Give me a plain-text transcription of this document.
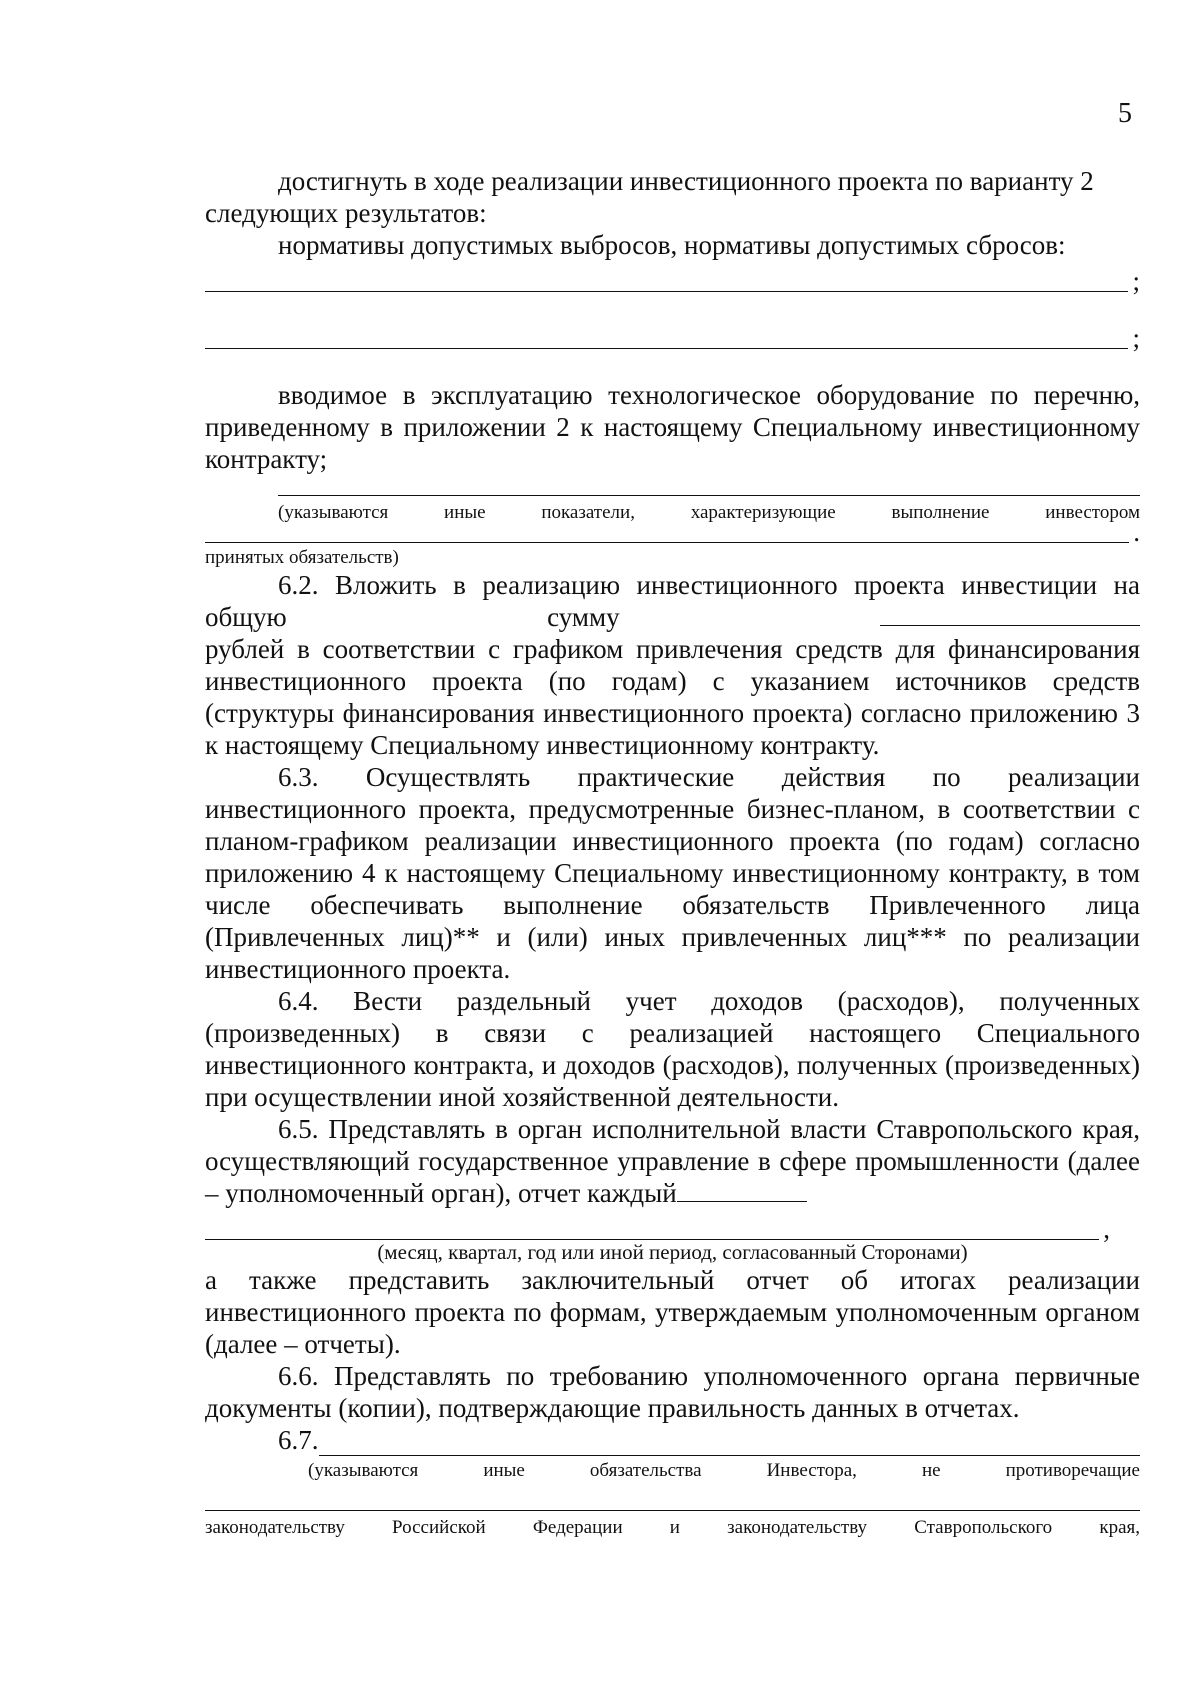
5

достигнуть в ходе реализации инвестиционного проекта по варианту 2 следующих результатов:

нормативы допустимых выбросов, нормативы допустимых сбросов:

;
;

вводимое в эксплуатацию технологическое оборудование по перечню, приведенному в приложении 2 к настоящему Специальному инвестиционному контракту;

(указываются иные показатели, характеризующие выполнение инвестором

.

принятых обязательств)

6.2. Вложить в реализацию инвестиционного проекта инвестиции на общую сумму

рублей в соответствии с графиком привлечения средств для финансирования инвестиционного проекта (по годам) с указанием источников средств (структуры финансирования инвестиционного проекта) согласно приложению 3 к настоящему Специальному инвестиционному контракту.

6.3. Осуществлять практические действия по реализации инвестиционного проекта, предусмотренные бизнес-планом, в соответствии с планом-графиком реализации инвестиционного проекта (по годам) согласно приложению 4 к настоящему Специальному инвестиционному контракту, в том числе обеспечивать выполнение обязательств Привлеченного лица (Привлеченных лиц)** и (или) иных привлеченных лиц*** по реализации инвестиционного проекта.

6.4. Вести раздельный учет доходов (расходов), полученных (произведенных) в связи с реализацией настоящего Специального инвестиционного контракта, и доходов (расходов), полученных (произведенных) при осуществлении иной хозяйственной деятельности.

6.5. Представлять в орган исполнительной власти Ставропольского края, осуществляющий государственное управление в сфере промышленности (далее – уполномоченный орган), отчет каждый

,

(месяц, квартал, год или иной период, согласованный Сторонами)

а также представить заключительный отчет об итогах реализации инвестиционного проекта по формам, утверждаемым уполномоченным органом (далее – отчеты).

6.6. Представлять по требованию уполномоченного органа первичные документы (копии), подтверждающие правильность данных в отчетах.

6.7.

(указываются иные обязательства Инвестора, не противоречащие

законодательству Российской Федерации и законодательству Ставропольского края,
